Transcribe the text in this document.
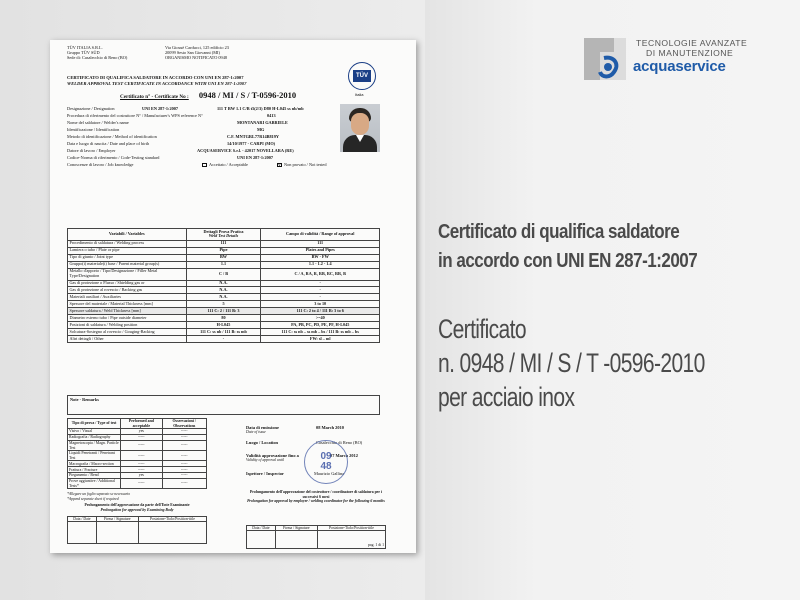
TÜV ITALIA S.R.L.
Gruppo TÜV SÜD
Sede di: Casalecchio di Reno (BO)
Via Giosuè Carducci, 125 edificio 23
20099 Sesto San Giovanni (MI)
ORGANISMO NOTIFICATO 0948
TÜV
Italia
CERTIFICATO DI QUALIFICA SALDATORE IN ACCORDO CON UNI EN 287-1:2007
WELDER APPROVAL TEST CERTIFICATE IN ACCORDANCE WITH UNI EN 287-1:2007
Certificato n° - Certificate No : 0948 / MI / S / T-0596-2010
Designazione / Designation	UNI EN 287-1:2007	111 T BW 1.1 C/B t5(2/3) D80 H-L045 ss nb/mb
Procedura di riferimento del costruttore N° / Manufacturer's WPS reference N°	0413
Nome del saldatore / Welder's name	MONTANARI GABRIELE
Identificazione / Identification	MG
Metodo di identificazione / Method of identification	C.F. MNTGRL77R14B819Y
Data e luogo di nascita / Date and place of birth	14/10/1977 - CARPI (MO)
Datore di lavoro / Employer	ACQUASERVICE S.r.l. - 42017 NOVELLARA (RE)
Codice-Norma di riferimento / Code-Testing standard	UNI EN 287-1:2007
Conoscenze di lavoro / Job knowledge	Accettato / Acceptable	X Non provato / Not tested
Variabili / Variables	Dettagli Prova Pratica
Weld Test Details	Campo di validità / Range of approval
Procedimento di saldatura / Welding process	111	111
Lamiera o tubo / Plate or pipe	Pipe	Plates and Pipes
Tipo di giunto / Joint type	BW	BW - FW
Gruppo(i) materiale(i) base / Parent material group(s)	1.1	1.1 - 1.2 - 1.4
Metallo d'apporto / Tipo/Designazione / Filler Metal Type/Designation	C / B	C / A, RA, R, RB, RC, RR, B
Gas di protezione o Flusso / Shielding gas or	N.A.	-
Gas di protezione al rovescio / Backing gas	N.A.	-
Materiali ausiliari / Auxiliaries	N.A.	-
Spessore del materiale / Material Thickness [mm]	5	3 to 10
Spessore saldatura / Weld Thickness [mm]	111 C: 2 / 111 B: 3	111 C: 2 to 4 / 111 B: 3 to 6
Diametro esterno tubo / Pipe outside diameter	80	>=40
Posizioni di saldatura / Welding position	H-L045	PA, PB, PC, PD, PE, PF, H-L045
Solcatura-Sostegno al rovescio / Gouging-Backing	111 C: ss nb / 111 B: ss mb	111 C: ss nb – ss mb – bs / 111 B: ss mb – bs
Altri dettagli / Other	-	FW: sl – ml
Note - Remarks
Tipo di prova / Type of test	Performed and acceptable	Osservazioni / Observations
Visivo / Visual	yes	-----
Radiografia / Radiography	-----	-----
Magnetoscopia / Magn. Particle Test	-----	-----
Liquidi Penetranti / Penetrant Test	-----	-----
Macrografia / Macro-section	-----	-----
Frattura / Fracture	-----	-----
Piegamento / Bend	yes	-----
Prove aggiuntive / Additional Tests*	-----	-----
*Allegare un foglio separato se necessario
*Append separate sheet if required
Data di emissione
Date of issue
08 March 2010
Luogo / Location	Casalecchio di Reno (BO)
Validità approvazione fino a
Validity of approval until
07 March 2012
Ispettore / Inspector	Maurizio Gallina
09
48
Prolungamento dell'approvazione del costruttore / coordinatore di saldatura per i successivi 6 mesi
Prolongation for approval by employer / welding coordinator for the following 6 months
Data / Date	Firma / Signature	Posizione-Ttolo/Position-title

Prolungamento dell'approvazione da parte dell'Ente Esaminante
Prolongation for approval by Examining Body
Data / Date	Firma / Signature	Posizione-Ttolo/Position-title

pag. 1 di 1
TECNOLOGIE AVANZATE
DI MANUTENZIONE
acquaservice
Certificato di qualifica saldatore
in accordo con UNI EN 287-1:2007
Certificato
n. 0948 / MI / S / T -0596-2010
per acciaio inox
